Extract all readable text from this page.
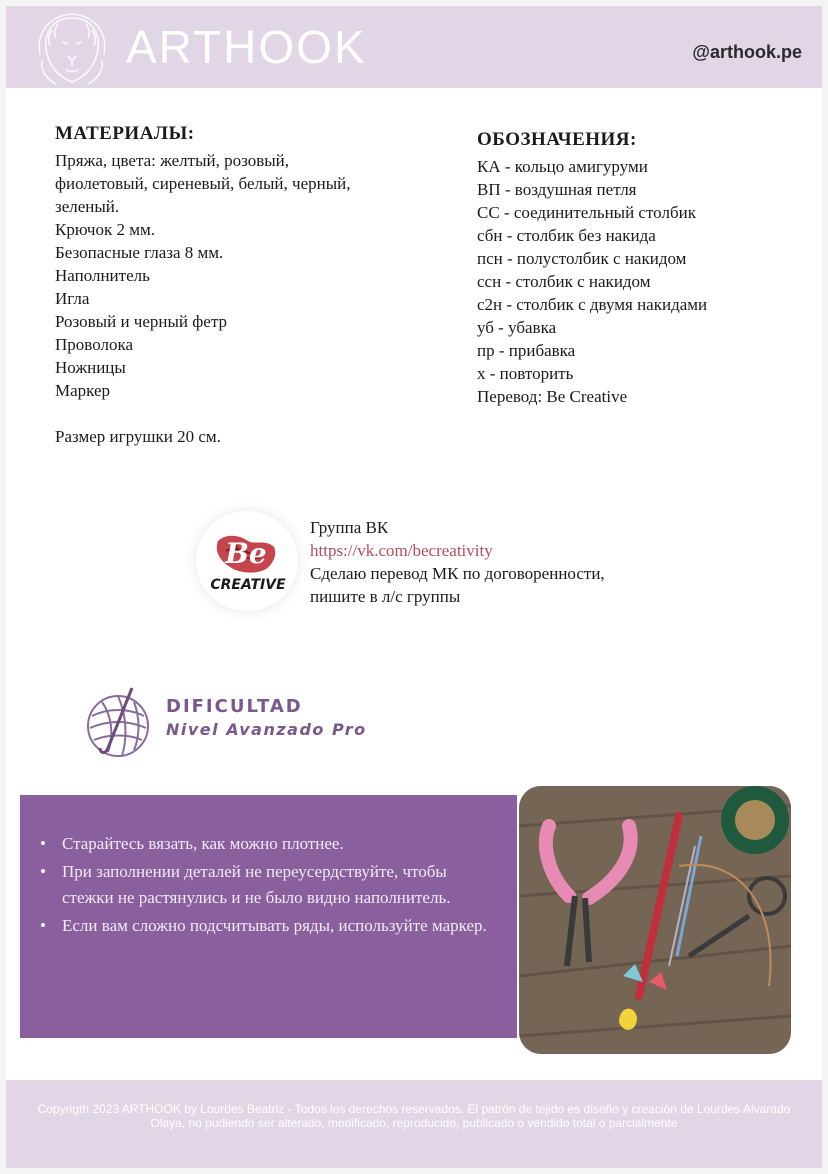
ARTHOOK	@arthook.pe
МАТЕРИАЛЫ:
Пряжа, цвета: желтый, розовый,
фиолетовый, сиреневый, белый, черный,
зеленый.
Крючок 2 мм.
Безопасные глаза 8 мм.
Наполнитель
Игла
Розовый и черный фетр
Проволока
Ножницы
Маркер
Размер игрушки 20 см.
ОБОЗНАЧЕНИЯ:
КА - кольцо амигуруми
ВП - воздушная петля
СС - соединительный столбик
сбн - столбик без накида
псн - полустолбик с накидом
ссн - столбик с накидом
с2н - столбик с двумя накидами
уб - убавка
пр - прибавка
х - повторить
Перевод: Be Creative
Be
CREATIVE
Группа ВК
https://vk.com/becreativity
Сделаю перевод МК по договоренности,
пишите в л/с группы
DIFICULTAD
Nivel Avanzado Pro
• Старайтесь вязать, как можно плотнее.
• При заполнении деталей не переусердствуйте, чтобы стежки не растянулись и не было видно наполнитель.
• Если вам сложно подсчитывать ряды, используйте маркер.
Copyrigth 2023 ARTHOOK by Lourdes Beatriz - Todos los derechos reservados. El patrón de tejido es diseño y creación de Lourdes Alvarado Olaya, no pudiendo ser alterado, modificado, reproducido, publicado o vendido total o parcialmente
